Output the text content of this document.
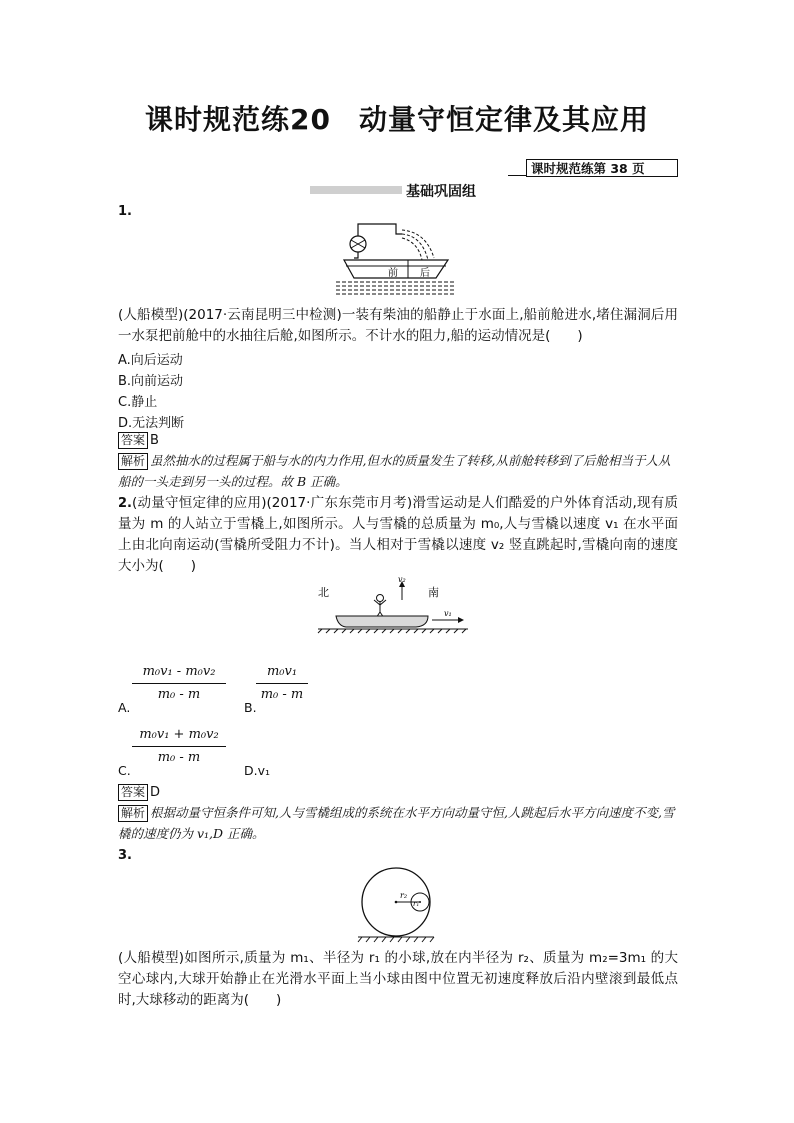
课时规范练20 动量守恒定律及其应用
课时规范练第 38 页
基础巩固组
1.
前 后
(人船模型)(2017·云南昆明三中检测)一装有柴油的船静止于水面上,船前舱进水,堵住漏洞后用一水泵把前舱中的水抽往后舱,如图所示。不计水的阻力,船的运动情况是(　　)
A.向后运动
B.向前运动
C.静止
D.无法判断
答案 B
解析 虽然抽水的过程属于船与水的内力作用,但水的质量发生了转移,从前舱转移到了后舱相当于人从船的一头走到另一头的过程。故 B 正确。
2.(动量守恒定律的应用)(2017·广东东莞市月考)滑雪运动是人们酷爱的户外体育活动,现有质量为 m 的人站立于雪橇上,如图所示。人与雪橇的总质量为 m₀,人与雪橇以速度 v₁ 在水平面上由北向南运动(雪橇所受阻力不计)。当人相对于雪橇以速度 v₂ 竖直跳起时,雪橇向南的速度大小为(　　)
北	南
v₂
v₁
A.
m₀v₁ - m₀v₂
m₀ - m
B.
m₀v₁
m₀ - m
C.
m₀v₁ + m₀v₂
m₀ - m
D.v₁
答案 D
解析 根据动量守恒条件可知,人与雪橇组成的系统在水平方向动量守恒,人跳起后水平方向速度不变,雪橇的速度仍为 v₁,D 正确。
3.
r₂
r₁
(人船模型)如图所示,质量为 m₁、半径为 r₁ 的小球,放在内半径为 r₂、质量为 m₂=3m₁ 的大空心球内,大球开始静止在光滑水平面上当小球由图中位置无初速度释放后沿内壁滚到最低点时,大球移动的距离为(　　)
